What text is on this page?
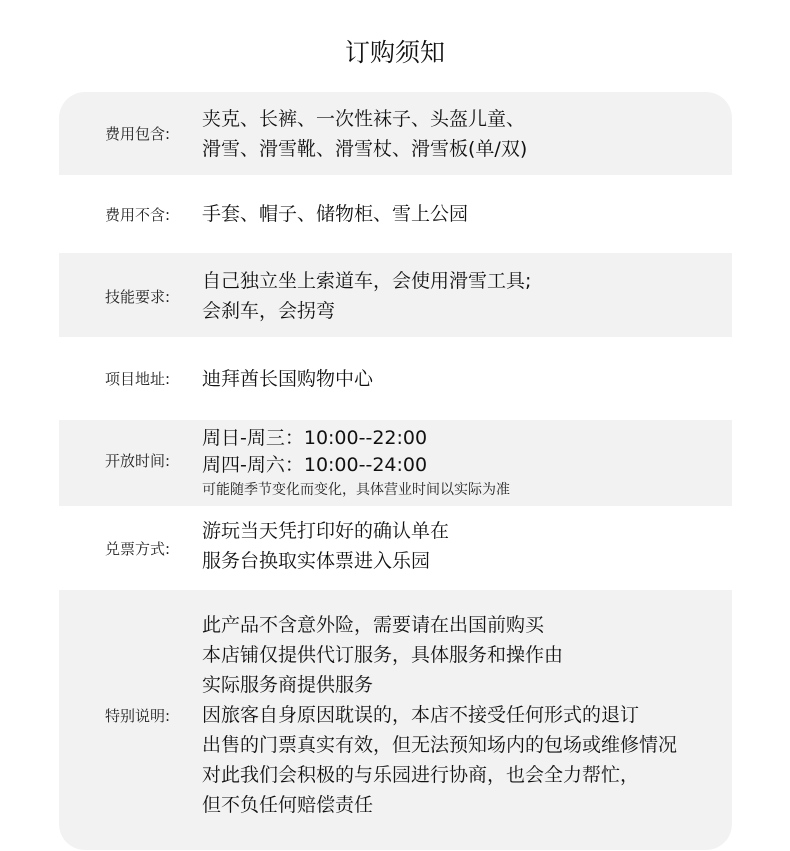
订购须知
费用包含:
夹克、长裤、一次性袜子、头盔儿童、
滑雪、滑雪靴、滑雪杖、滑雪板(单/双)
费用不含:	手套、帽子、储物柜、雪上公园
技能要求:
自己独立坐上索道车，会使用滑雪工具;
会刹车，会拐弯
项目地址:	迪拜酋长国购物中心
开放时间:
周日-周三：10:00--22:00
周四-周六：10:00--24:00
可能随季节变化而变化，具体营业时间以实际为准
兑票方式:
游玩当天凭打印好的确认单在
服务台换取实体票进入乐园
特别说明:
此产品不含意外险，需要请在出国前购买
本店铺仅提供代订服务，具体服务和操作由
实际服务商提供服务
因旅客自身原因耽误的，本店不接受任何形式的退订
出售的门票真实有效，但无法预知场内的包场或维修情况
对此我们会积极的与乐园进行协商，也会全力帮忙，
但不负任何赔偿责任
